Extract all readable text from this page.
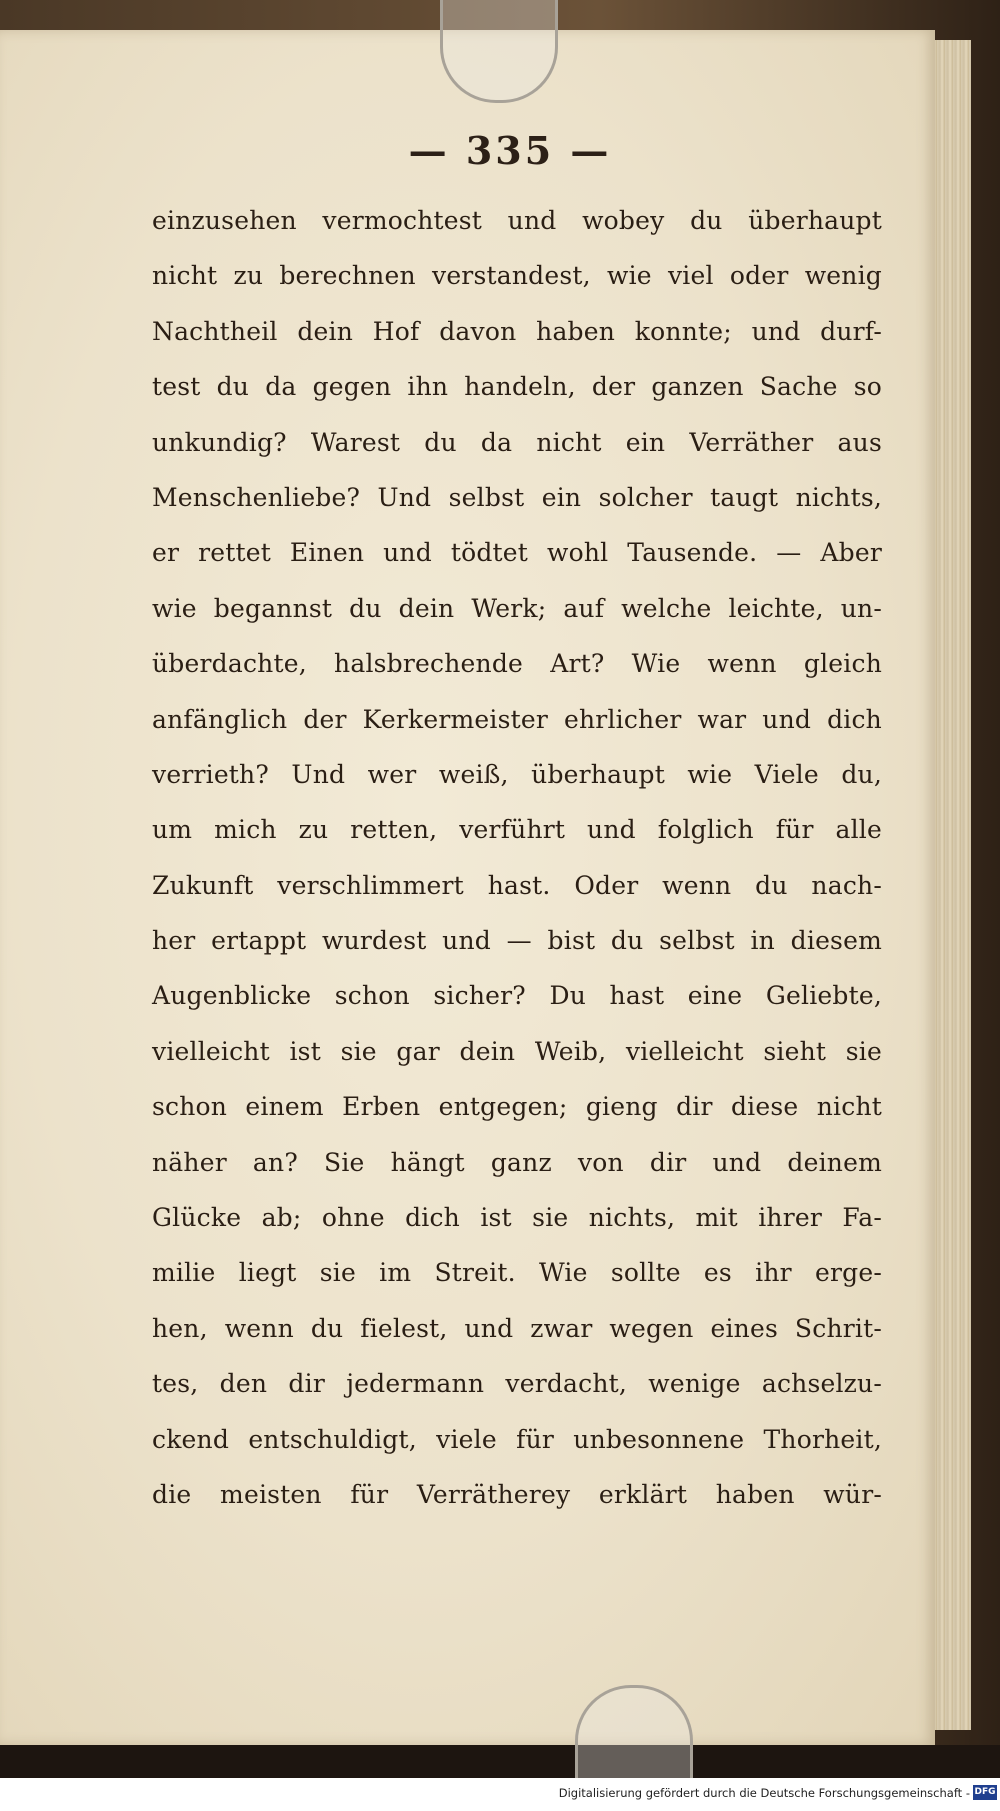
— 335 —
einzusehen vermochtest und wobey du überhaupt
nicht zu berechnen verstandest, wie viel oder wenig
Nachtheil dein Hof davon haben konnte; und durf-
test du da gegen ihn handeln, der ganzen Sache so
unkundig? Warest du da nicht ein Verräther aus
Menschenliebe? Und selbst ein solcher taugt nichts,
er rettet Einen und tödtet wohl Tausende. — Aber
wie begannst du dein Werk; auf welche leichte, un-
überdachte, halsbrechende Art? Wie wenn gleich
anfänglich der Kerkermeister ehrlicher war und dich
verrieth? Und wer weiß, überhaupt wie Viele du,
um mich zu retten, verführt und folglich für alle
Zukunft verschlimmert hast. Oder wenn du nach-
her ertappt wurdest und — bist du selbst in diesem
Augenblicke schon sicher? Du hast eine Geliebte,
vielleicht ist sie gar dein Weib, vielleicht sieht sie
schon einem Erben entgegen; gieng dir diese nicht
näher an? Sie hängt ganz von dir und deinem
Glücke ab; ohne dich ist sie nichts, mit ihrer Fa-
milie liegt sie im Streit. Wie sollte es ihr erge-
hen, wenn du fielest, und zwar wegen eines Schrit-
tes, den dir jedermann verdacht, wenige achselzu-
ckend entschuldigt, viele für unbesonnene Thorheit,
die meisten für Verrätherey erklärt haben wür-
Digitalisierung gefördert durch die Deutsche Forschungsgemeinschaft - DFG
